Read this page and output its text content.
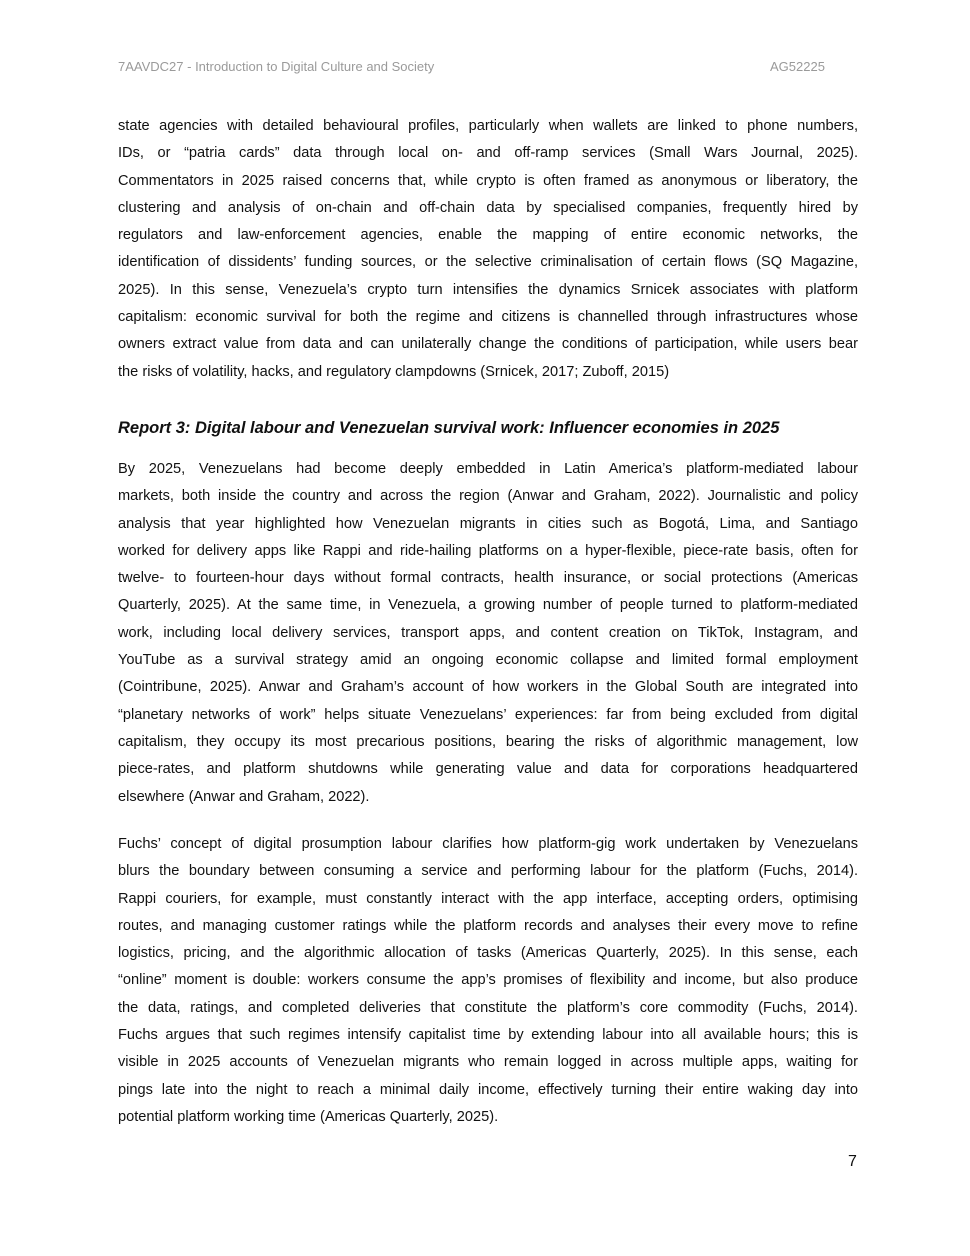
7AAVDC27 - Introduction to Digital Culture and Society	AG52225
state agencies with detailed behavioural profiles, particularly when wallets are linked to phone numbers,
IDs, or “patria cards” data through local on- and off-ramp services (Small Wars Journal, 2025).
Commentators in 2025 raised concerns that, while crypto is often framed as anonymous or liberatory, the
clustering and analysis of on-chain and off-chain data by specialised companies, frequently hired by
regulators and law-enforcement agencies, enable the mapping of entire economic networks, the
identification of dissidents’ funding sources, or the selective criminalisation of certain flows (SQ Magazine,
2025). In this sense, Venezuela’s crypto turn intensifies the dynamics Srnicek associates with platform
capitalism: economic survival for both the regime and citizens is channelled through infrastructures whose
owners extract value from data and can unilaterally change the conditions of participation, while users bear
the risks of volatility, hacks, and regulatory clampdowns (Srnicek, 2017; Zuboff, 2015)
Report 3: Digital labour and Venezuelan survival work: Influencer economies in 2025
By 2025, Venezuelans had become deeply embedded in Latin America’s platform-mediated labour
markets, both inside the country and across the region (Anwar and Graham, 2022). Journalistic and policy
analysis that year highlighted how Venezuelan migrants in cities such as Bogotá, Lima, and Santiago
worked for delivery apps like Rappi and ride-hailing platforms on a hyper-flexible, piece-rate basis, often for
twelve- to fourteen-hour days without formal contracts, health insurance, or social protections (Americas
Quarterly, 2025). At the same time, in Venezuela, a growing number of people turned to platform-mediated
work, including local delivery services, transport apps, and content creation on TikTok, Instagram, and
YouTube as a survival strategy amid an ongoing economic collapse and limited formal employment
(Cointribune, 2025). Anwar and Graham’s account of how workers in the Global South are integrated into
“planetary networks of work” helps situate Venezuelans’ experiences: far from being excluded from digital
capitalism, they occupy its most precarious positions, bearing the risks of algorithmic management, low
piece-rates, and platform shutdowns while generating value and data for corporations headquartered
elsewhere (Anwar and Graham, 2022).
Fuchs’ concept of digital prosumption labour clarifies how platform-gig work undertaken by Venezuelans
blurs the boundary between consuming a service and performing labour for the platform (Fuchs, 2014).
Rappi couriers, for example, must constantly interact with the app interface, accepting orders, optimising
routes, and managing customer ratings while the platform records and analyses their every move to refine
logistics, pricing, and the algorithmic allocation of tasks (Americas Quarterly, 2025). In this sense, each
“online” moment is double: workers consume the app’s promises of flexibility and income, but also produce
the data, ratings, and completed deliveries that constitute the platform’s core commodity (Fuchs, 2014).
Fuchs argues that such regimes intensify capitalist time by extending labour into all available hours; this is
visible in 2025 accounts of Venezuelan migrants who remain logged in across multiple apps, waiting for
pings late into the night to reach a minimal daily income, effectively turning their entire waking day into
potential platform working time (Americas Quarterly, 2025).
7
